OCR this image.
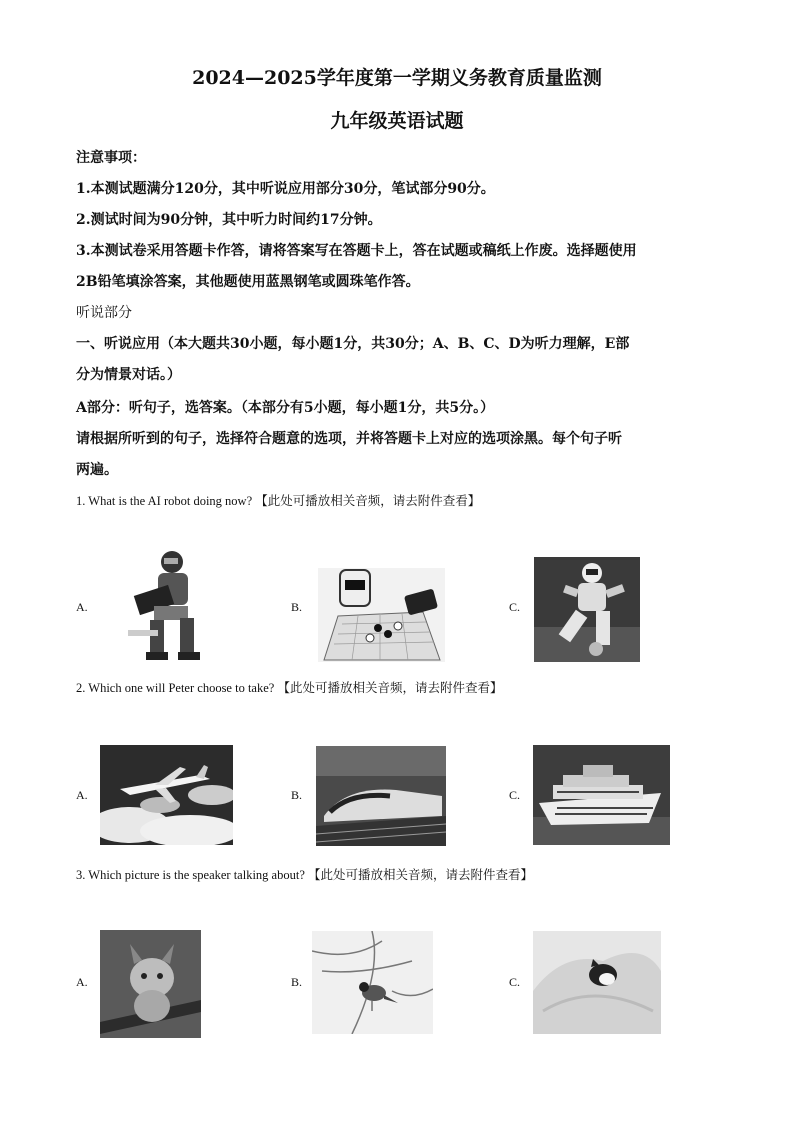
2024—2025学年度第一学期义务教育质量监测
九年级英语试题
注意事项：
1.本测试题满分120分，其中听说应用部分30分，笔试部分90分。
2.测试时间为90分钟，其中听力时间约17分钟。
3.本测试卷采用答题卡作答，请将答案写在答题卡上，答在试题或稿纸上作废。选择题使用
2B铅笔填涂答案，其他题使用蓝黑钢笔或圆珠笔作答。
听说部分
一、听说应用（本大题共30小题，每小题1分，共30分；A、B、C、D为听力理解，E部
分为情景对话。）
A部分：听句子，选答案。（本部分有5小题，每小题1分，共5分。）
请根据所听到的句子，选择符合题意的选项，并将答题卡上对应的选项涂黑。每个句子听
两遍。
1. What is the AI robot doing now? 【此处可播放相关音频，请去附件查看】
A.	B.	C.
2. Which one will Peter choose to take? 【此处可播放相关音频，请去附件查看】
A.	B.	C.
3. Which picture is the speaker talking about? 【此处可播放相关音频，请去附件查看】
A.	B.	C.
